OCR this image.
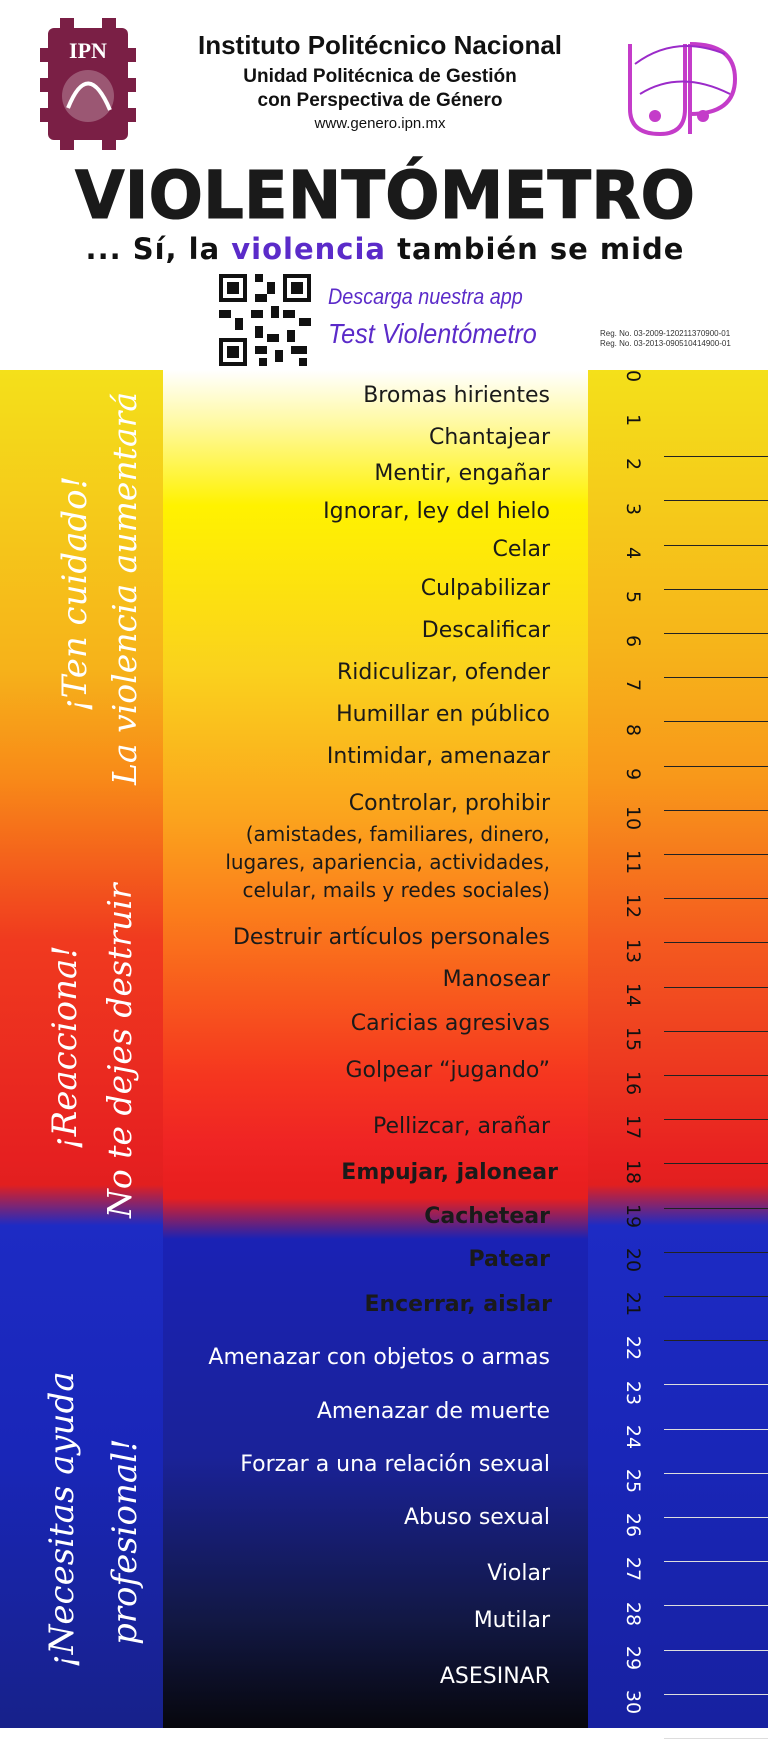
IPN	Instituto Politécnico Nacional
Unidad Politécnica de Gestión
con Perspectiva de Género
www.genero.ipn.mx
VIOLENTÓMETRO
... Sí, la violencia también se mide
Descarga nuestra app
Test Violentómetro	Reg. No. 03-2009-120211370900-01
Reg. No. 03-2013-090510414900-01
¡Ten cuidado! La violencia aumentará
¡Reacciona! No te dejes destruir
¡Necesitas ayuda profesional!
Bromas hirientes
Chantajear
Mentir, engañar
Ignorar, ley del hielo
Celar
Culpabilizar
Descalificar
Ridiculizar, ofender
Humillar en público
Intimidar, amenazar
Controlar, prohibir
(amistades, familiares, dinero,
lugares, apariencia, actividades,
celular, mails y redes sociales)
Destruir artículos personales
Manosear
Caricias agresivas
Golpear “jugando”
Pellizcar, arañar
Empujar, jalonear
Cachetear
Patear
Encerrar, aislar
Amenazar con objetos o armas
Amenazar de muerte
Forzar a una relación sexual
Abuso sexual
Violar
Mutilar
ASESINAR
0
1
2
3
4
5
6
7
8
9
10
11
12
13
14
15
16
17
18
19
20
21
22
23
24
25
26
27
28
29
30
